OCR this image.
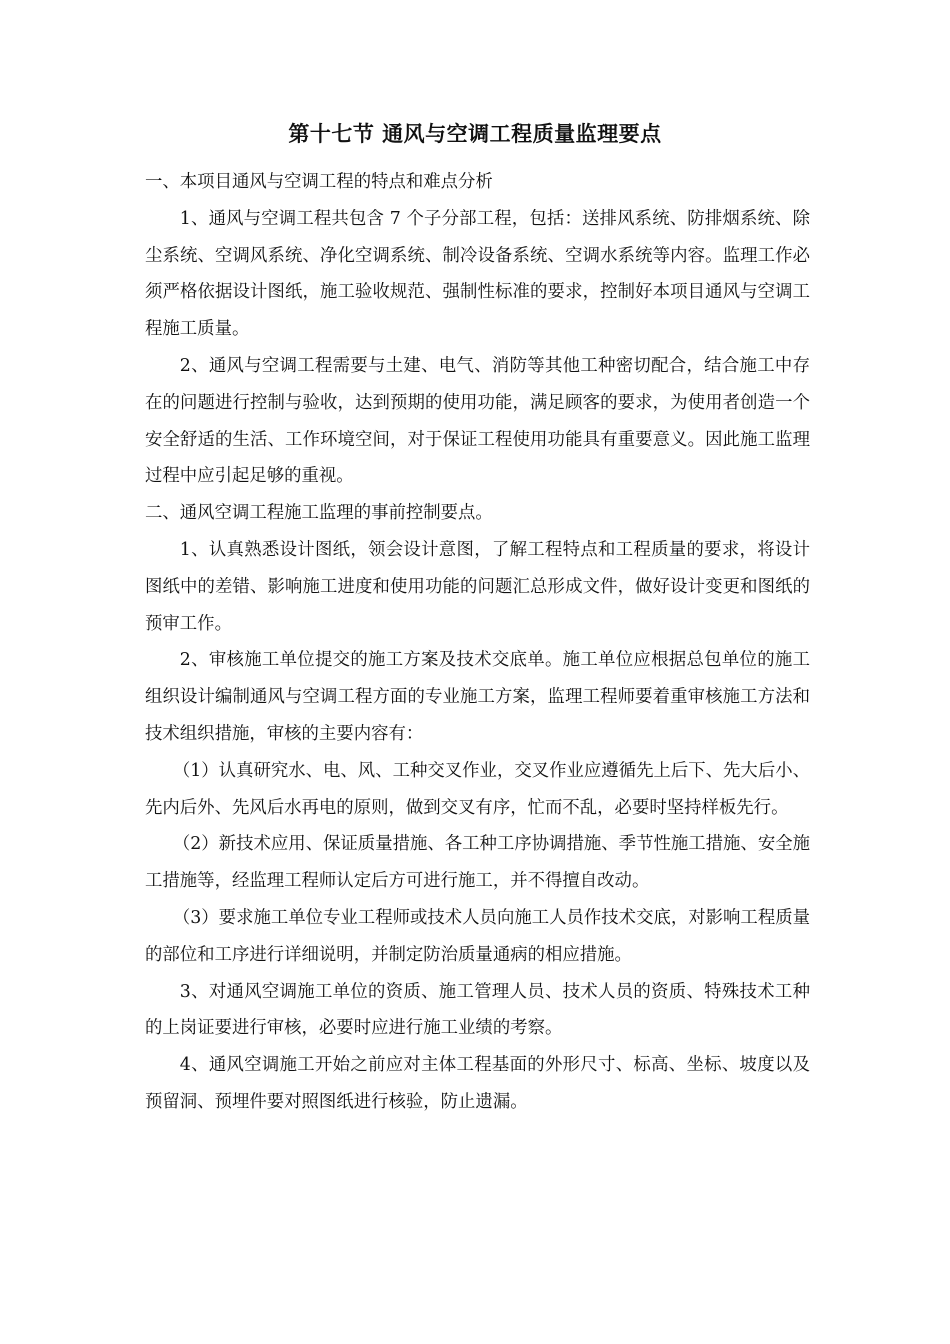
第十七节 通风与空调工程质量监理要点

一、本项目通风与空调工程的特点和难点分析

1、通风与空调工程共包含 7 个子分部工程，包括：送排风系统、防排烟系统、除尘系统、空调风系统、净化空调系统、制冷设备系统、空调水系统等内容。监理工作必须严格依据设计图纸，施工验收规范、强制性标准的要求，控制好本项目通风与空调工程施工质量。

2、通风与空调工程需要与土建、电气、消防等其他工种密切配合，结合施工中存在的问题进行控制与验收，达到预期的使用功能，满足顾客的要求，为使用者创造一个安全舒适的生活、工作环境空间，对于保证工程使用功能具有重要意义。因此施工监理过程中应引起足够的重视。

二、通风空调工程施工监理的事前控制要点。

1、认真熟悉设计图纸，领会设计意图，了解工程特点和工程质量的要求，将设计图纸中的差错、影响施工进度和使用功能的问题汇总形成文件，做好设计变更和图纸的预审工作。

2、审核施工单位提交的施工方案及技术交底单。施工单位应根据总包单位的施工组织设计编制通风与空调工程方面的专业施工方案，监理工程师要着重审核施工方法和技术组织措施，审核的主要内容有：

（1）认真研究水、电、风、工种交叉作业，交叉作业应遵循先上后下、先大后小、先内后外、先风后水再电的原则，做到交叉有序，忙而不乱，必要时坚持样板先行。

（2）新技术应用、保证质量措施、各工种工序协调措施、季节性施工措施、安全施工措施等，经监理工程师认定后方可进行施工，并不得擅自改动。

（3）要求施工单位专业工程师或技术人员向施工人员作技术交底，对影响工程质量的部位和工序进行详细说明，并制定防治质量通病的相应措施。

3、对通风空调施工单位的资质、施工管理人员、技术人员的资质、特殊技术工种的上岗证要进行审核，必要时应进行施工业绩的考察。

4、通风空调施工开始之前应对主体工程基面的外形尺寸、标高、坐标、坡度以及预留洞、预埋件要对照图纸进行核验，防止遗漏。
